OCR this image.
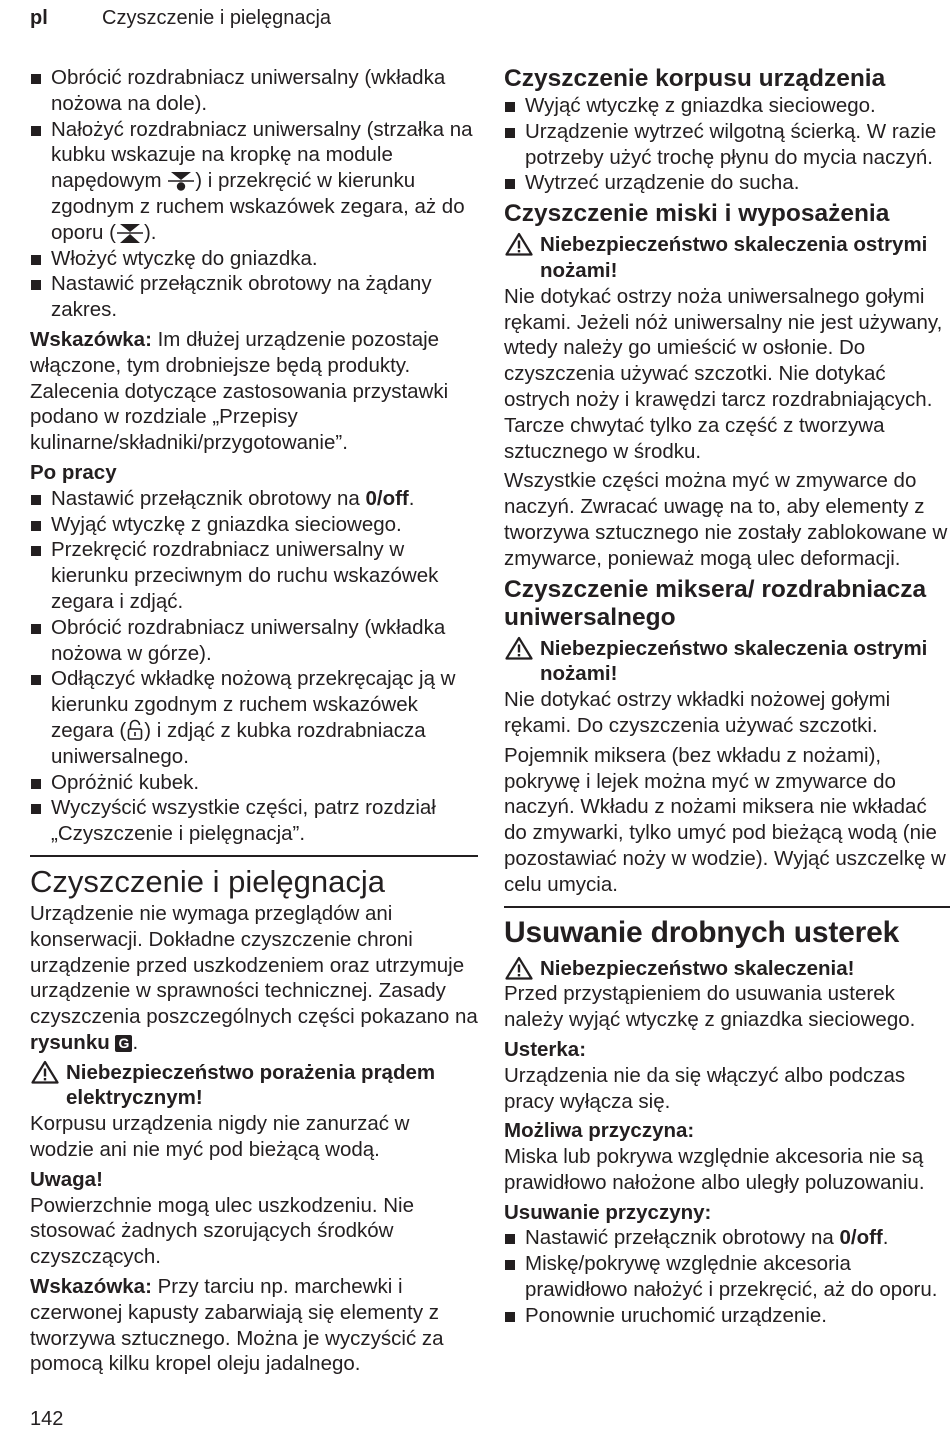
pl	Czyszczenie i pielęgnacja
Obrócić rozdrabniacz uniwersalny (wkładka nożowa na dole).
Nałożyć rozdrabniacz uniwersalny (strzałka na kubku wskazuje na kropkę na module napędowym ) i przekręcić w kierunku zgodnym z ruchem wskazówek zegara, aż do oporu ( ).
Włożyć wtyczkę do gniazdka.
Nastawić przełącznik obrotowy na żądany zakres.

Wskazówka: Im dłużej urządzenie pozostaje włączone, tym drobniejsze będą produkty. Zalecenia dotyczące zastosowania przystawki podano w rozdziale „Przepisy kulinarne/składniki/przygotowanie”.

Po pracy

Nastawić przełącznik obrotowy na 0/off.
Wyjąć wtyczkę z gniazdka sieciowego.
Przekręcić rozdrabniacz uniwersalny w kierunku przeciwnym do ruchu wskazówek zegara i zdjąć.
Obrócić rozdrabniacz uniwersalny (wkładka nożowa w górze).
Odłączyć wkładkę nożową przekręcając ją w kierunku zgodnym z ruchem wskazówek zegara ( ) i zdjąć z kubka rozdrabniacza uniwersalnego.
Opróżnić kubek.
Wyczyścić wszystkie części, patrz rozdział „Czyszczenie i pielęgnacja”.
Czyszczenie i pielęgnacja

Urządzenie nie wymaga przeglądów ani konserwacji. Dokładne czyszczenie chroni urządzenie przed uszkodzeniem oraz utrzymuje urządzenie w sprawności technicznej. Zasady czyszczenia poszczególnych części pokazano na rysunku G .

Niebezpieczeństwo porażenia prądem elektrycznym!

Korpusu urządzenia nigdy nie zanurzać w wodzie ani nie myć pod bieżącą wodą.

Uwaga!

Powierzchnie mogą ulec uszkodzeniu. Nie stosować żadnych szorujących środków czyszczących.

Wskazówka: Przy tarciu np. marchewki i czerwonej kapusty zabarwiają się elementy z tworzywa sztucznego. Można je wyczyścić za pomocą kilku kropel oleju jadalnego.

Czyszczenie korpusu urządzenia
Wyjąć wtyczkę z gniazdka sieciowego.
Urządzenie wytrzeć wilgotną ścierką. W razie potrzeby użyć trochę płynu do mycia naczyń.
Wytrzeć urządzenie do sucha.
Czyszczenie miski i wyposażenia
Niebezpieczeństwo skaleczenia ostrymi nożami!

Nie dotykać ostrzy noża uniwersalnego gołymi rękami. Jeżeli nóż uniwersalny nie jest używany, wtedy należy go umieścić w osłonie. Do czyszczenia używać szczotki. Nie dotykać ostrych noży i krawędzi tarcz rozdrabniających. Tarcze chwytać tylko za część z tworzywa sztucznego w środku.

Wszystkie części można myć w zmywarce do naczyń. Zwracać uwagę na to, aby elementy z tworzywa sztucznego nie zostały zablokowane w zmywarce, ponieważ mogą ulec deformacji.

Czyszczenie miksera/ rozdrabniacza uniwersalnego
Niebezpieczeństwo skaleczenia ostrymi nożami!

Nie dotykać ostrzy wkładki nożowej gołymi rękami. Do czyszczenia używać szczotki.

Pojemnik miksera (bez wkładu z nożami), pokrywę i lejek można myć w zmywarce do naczyń. Wkładu z nożami miksera nie wkładać do zmywarki, tylko umyć pod bieżącą wodą (nie pozostawiać noży w wodzie). Wyjąć uszczelkę w celu umycia.

Usuwanie drobnych usterek
Niebezpieczeństwo skaleczenia!

Przed przystąpieniem do usuwania usterek należy wyjąć wtyczkę z gniazdka sieciowego.

Usterka:

Urządzenia nie da się włączyć albo podczas pracy wyłącza się.

Możliwa przyczyna:

Miska lub pokrywa względnie akcesoria nie są prawidłowo nałożone albo uległy poluzowaniu.

Usuwanie przyczyny:

Nastawić przełącznik obrotowy na 0/off.
Miskę/pokrywę względnie akcesoria prawidłowo nałożyć i przekręcić, aż do oporu.
Ponownie uruchomić urządzenie.
142
